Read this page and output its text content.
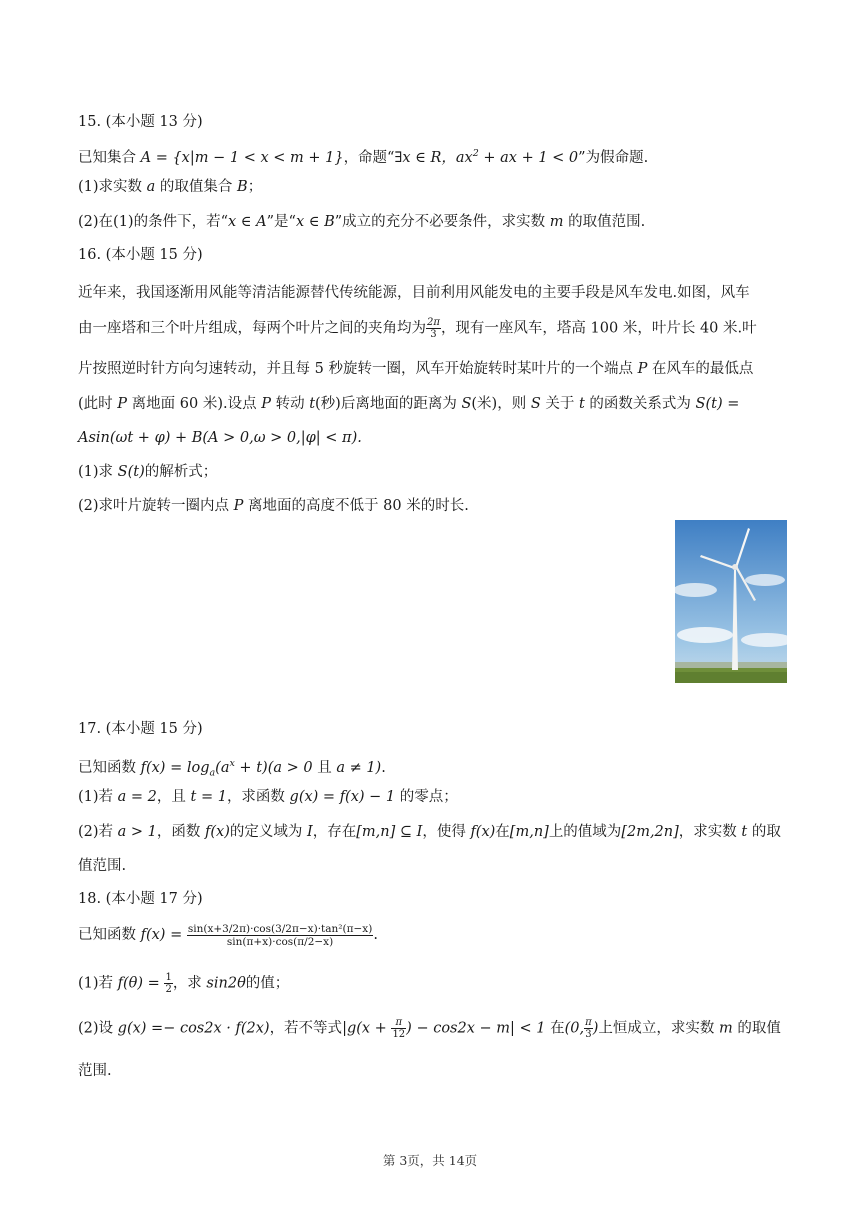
15. (本小题 13 分)
已知集合 A = {x|m − 1 < x < m + 1}，命题“∃x ∈ R，$ax^2$ + ax + 1 < 0”为假命题.
(1)求实数 a 的取值集合 B；
(2)在(1)的条件下，若“x ∈ A”是“x ∈ B”成立的充分不必要条件，求实数 m 的取值范围.
16. (本小题 15 分)
近年来，我国逐渐用风能等清洁能源替代传统能源，目前利用风能发电的主要手段是风车发电.如图，风车
由一座塔和三个叶片组成，每两个叶片之间的夹角均为 $\frac{2\pi}{3}$ ，现有一座风车，塔高 100 米，叶片长 40 米.叶
片按照逆时针方向匀速转动，并且每 5 秒旋转一圈，风车开始旋转时某叶片的一个端点 P 在风车的最低点
(此时 P 离地面 60 米).设点 P 转动 t(秒)后离地面的距离为 S(米)，则 S 关于 t 的函数关系式为 S(t) =
Asin(ωt + φ) + B(A > 0,ω > 0,|φ| < π).
(1)求 S(t)的解析式；
(2)求叶片旋转一圈内点 P 离地面的高度不低于 80 米的时长.
17. (本小题 15 分)
已知函数 $f(x) = \log_a(a^x + t)(a > 0$ 且 a ≠ 1).
(1)若 a = 2，且 t = 1，求函数 g(x) = f(x) − 1 的零点；
(2)若 a > 1，函数 f(x)的定义域为 I，存在[m,n] ⊆ I，使得 f(x)在[m,n]上的值域为[2m,2n]，求实数 t 的取
值范围.
18. (本小题 17 分)
已知函数 $f(x) = \frac{\text{sin(x+3/2π)·cos(3/2π−x)·tan²(π−x)}}{\sin(\pi+x)\cdot\cos(\pi/2-x)}$ .
(1)若 $f(\theta) = \frac{1}{2}$ ，求 sin2θ的值；
(2)设 g(x) =− cos2x · f(2x)，若不等式$|g(x + \frac{\pi}{12}$ ) − cos2x − m| < 1 在(0, $\frac{\pi}{3}$ )上恒成立，求实数 m 的取值
范围.
第 3页，共 14页
